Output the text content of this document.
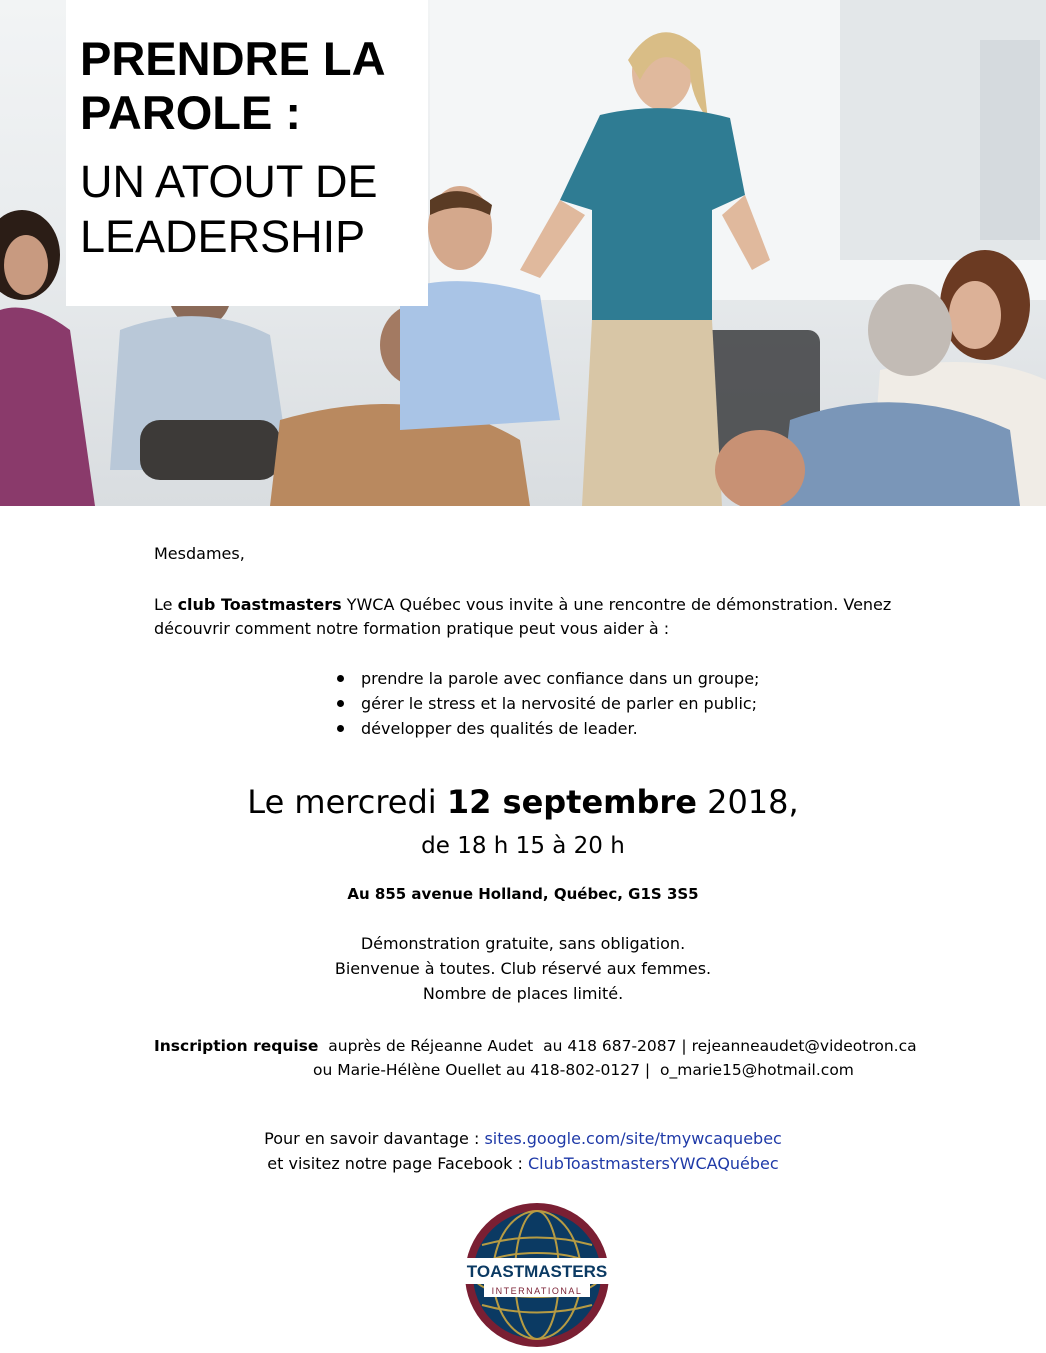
PRENDRE LA
PAROLE :

UN ATOUT DE
LEADERSHIP

Mesdames,
Le club Toastmasters YWCA Québec vous invite à une rencontre de démonstration. Venez découvrir comment notre formation pratique peut vous aider à :
prendre la parole avec confiance dans un groupe;
gérer le stress et la nervosité de parler en public;
développer des qualités de leader.
Le mercredi 12 septembre 2018,
de 18 h 15 à 20 h
Au 855 avenue Holland, Québec, G1S 3S5
Démonstration gratuite, sans obligation.
Bienvenue à toutes. Club réservé aux femmes.
Nombre de places limité.
Inscription requise  auprès de Réjeanne Audet  au 418 687-2087 | rejeanneaudet@videotron.ca
ou Marie-Hélène Ouellet au 418-802-0127 |  o_marie15@hotmail.com
Pour en savoir davantage : sites.google.com/site/tmywcaquebec
et visitez notre page Facebook : ClubToastmastersYWCAQuébec
TOASTMASTERS
INTERNATIONAL
